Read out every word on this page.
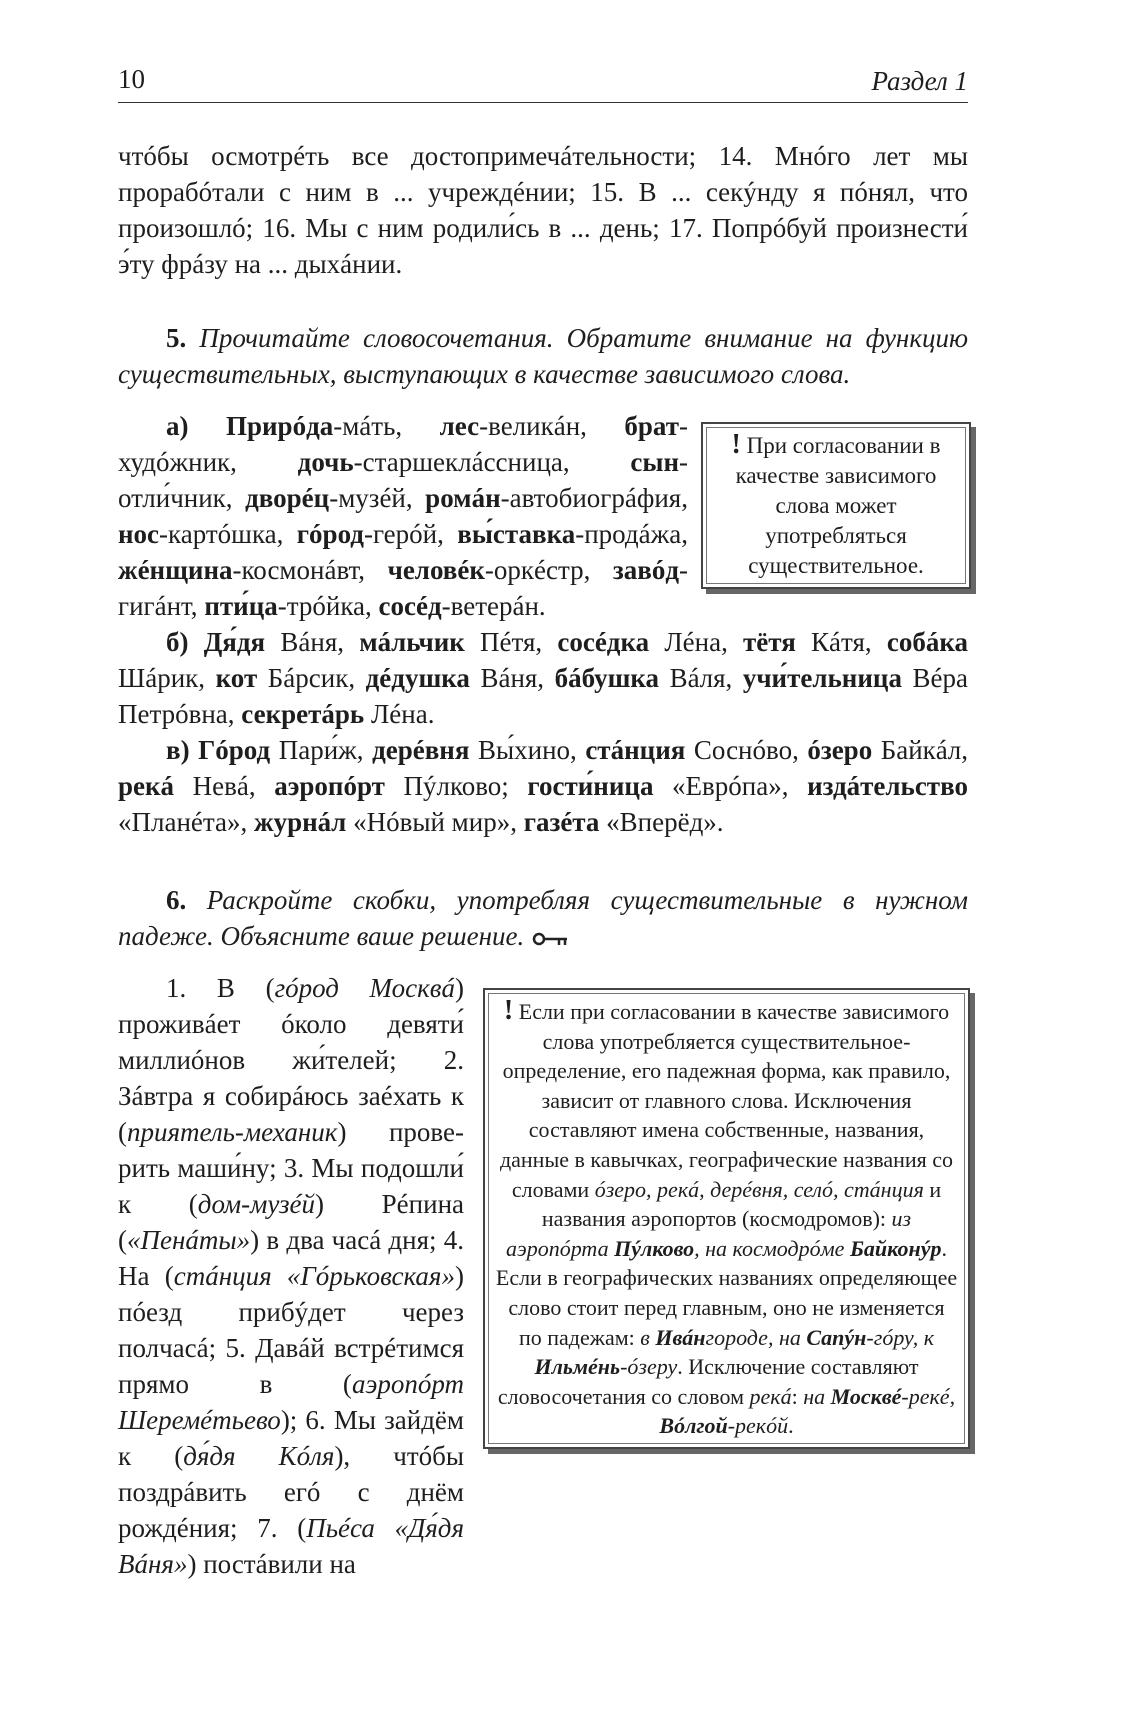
10	Раздел 1
чтóбы осмотрéть все достопримечáтельности; 14. Мнóго лет мы прорабóтали с ним в ... учреждéнии; 15. В ... секýнду я пóнял, что произошлó; 16. Мы с ним родили́сь в ... день; 17. Попрóбуй произнести́ э́ту фрáзу на ... дыхáнии.
5. Прочитайте словосочетания. Обратите внимание на функцию существительных, выступающих в качестве зависимого слова.
а) Прирóда-мáть, лес-великáн, брат-худóжник, дочь-старшеклáссница, сын-отли́чник, дворéц-музéй, ромáн-автобиогрáфия, нос-картóшка, гóрод-герóй, вы́ставка-продáжа, жéнщина-космонáвт, человéк-оркéстр, завóд-гигáнт, пти́ца-трóйка, сосéд-ветерáн.
! При согласовании в качестве зависимого слова может употребляться существительное.
б) Дя́дя Вáня, мáльчик Пéтя, сосéдка Лéна, тётя Кáтя, собáка Шáрик, кот Бáрсик, дéдушка Вáня, бáбушка Вáля, учи́тельница Вéра Петрóвна, секретáрь Лéна.
в) Гóрод Пари́ж, дерéвня Вы́хино, стáнция Соснóво, óзеро Байкáл, рекá Невá, аэропóрт Пýлково; гости́ница «Еврóпа», издáтельство «Планéта», журнáл «Нóвый мир», газéта «Вперёд».
6. Раскройте скобки, употребляя существительные в нужном падеже. Объясните ваше решение.
1. В (гóрод Москвá) проживáет óколо девяти́ миллиóнов жи́телей; 2. Зáвтра я собирáюсь заéхать к (приятель-механик) проверить маши́ну; 3. Мы подошли́ к (дом-музéй) Рéпина («Пенáты») в два часá дня; 4. На (стáнция «Гóрьковская») пóезд прибýдет через полчасá; 5. Давáй встрéтимся прямо в (аэропóрт Шеремéтьево); 6. Мы зайдём к (дя́дя Кóля), чтóбы поздрáвить егó с днём рождéния; 7. (Пьéса «Дя́дя Вáня») постáвили на
! Если при согласовании в качестве зависимого слова употребляется существительное-определение, его падежная форма, как правило, зависит от главного слова. Исключения составляют имена собственные, названия, данные в кавычках, географические названия со словами óзеро, рекá, дерéвня, селó, стáнция и названия аэропортов (космодромов): из аэропóрта Пýлково, на космодрóме Байконýр. Если в географических названиях определяющее слово стоит перед главным, оно не изменяется по падежам: в Ивáнгороде, на Сапýн-гóру, к Ильмéнь-óзеру. Исключение составляют словосочетания со словом рекá: на Москвé-рекé, Вóлгой-рекóй.
